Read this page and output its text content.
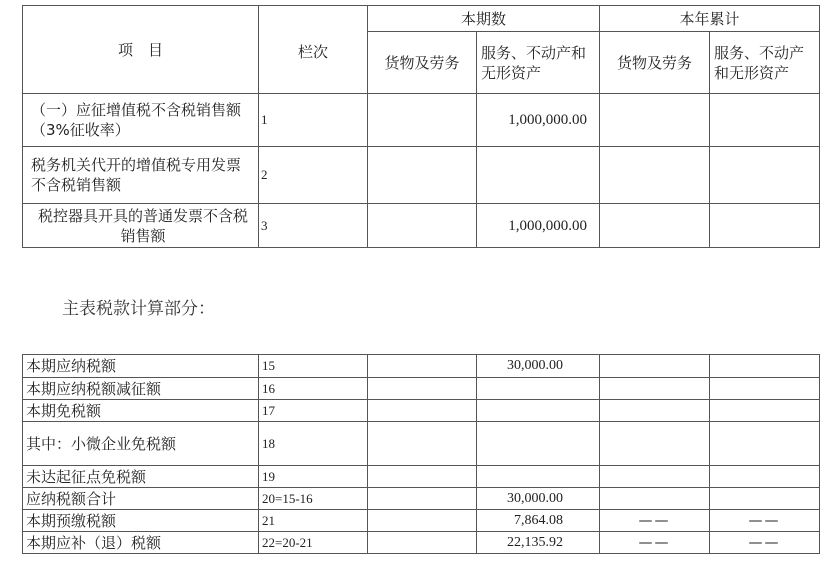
项　目	栏次	本期数		本年累计	
		货物及劳务	服务、不动产和无形资产	货物及劳务	服务、不动产和无形资产
（一）应征增值税不含税销售额（3%征收率）	1		1,000,000.00		
税务机关代开的增值税专用发票不含税销售额	2				
税控器具开具的普通发票不含税销售额	3		1,000,000.00		
主表税款计算部分：
本期应纳税额	15		30,000.00		
本期应纳税额减征额	16				
本期免税额	17				
其中：小微企业免税额	18				
未达起征点免税额	19				
应纳税额合计	20=15-16		30,000.00		
本期预缴税额	21		7,864.08	——	——
本期应补（退）税额	22=20-21		22,135.92	——	——
